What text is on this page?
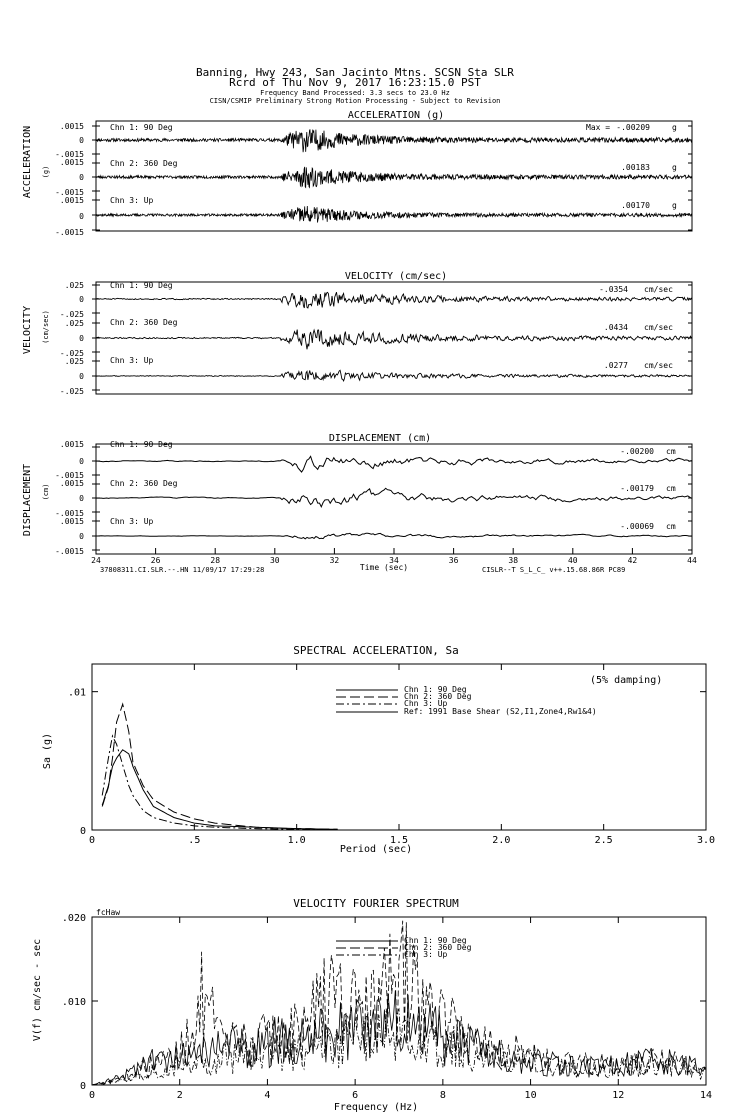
Banning, Hwy 243, San Jacinto Mtns. SCSN Sta SLR
Rcrd of Thu Nov 9, 2017 16:23:15.0 PST
Frequency Band Processed: 3.3 secs to 23.0 Hz
CISN/CSMIP Preliminary Strong Motion Processing - Subject to Revision
ACCELERATION (g)
ACCELERATION (g)
Chn 1: 90 Deg	Max = -.00209	g
.0015
0
-.0015
Chn 2: 360 Deg	.00183	g
.0015
0
-.0015
Chn 3: Up
.00170	g
.0015
0
-.0015
VELOCITY (cm/sec)
VELOCITY (cm/sec)
Chn 1: 90 Deg	-.0354 cm/sec
.025
0
-.025
Chn 2: 360 Deg
.0434 cm/sec
.025
0
-.025
Chn 3: Up
.0277 cm/sec
.025
0
-.025
DISPLACEMENT (cm)
DISPLACEMENT (cm)
Chn 1: 90 Deg
-.00200 cm
.0015
0
-.0015
Chn 2: 360 Deg
-.00179 cm
.0015
0
-.0015
Chn 3: Up
-.00069 cm
.0015
0
-.0015
24	26	28	30	32	34	36	38	40	42	44
Time (sec)
37808311.CI.SLR.--.HN 11/09/17 17:29:28	CISLR--T S_L_C_ v++.15.68.86R PC89
SPECTRAL ACCELERATION, Sa
Sa (g)
(5% damping)
Period (sec)
0	.5	1.0	1.5	2.0	2.5	3.0
0
.01	Chn 1: 90 Deg
Chn 2: 360 Deg
Chn 3: Up
Ref: 1991 Base Shear (S2,I1,Zone4,Rw1&4)
VELOCITY FOURIER SPECTRUM
fcHaw
V(f) cm/sec - sec
Frequency (Hz)
0	2	4	6	8	10	12	14
0
.010
.020
Chn 1: 90 Deg
Chn 2: 360 Deg
Chn 3: Up
